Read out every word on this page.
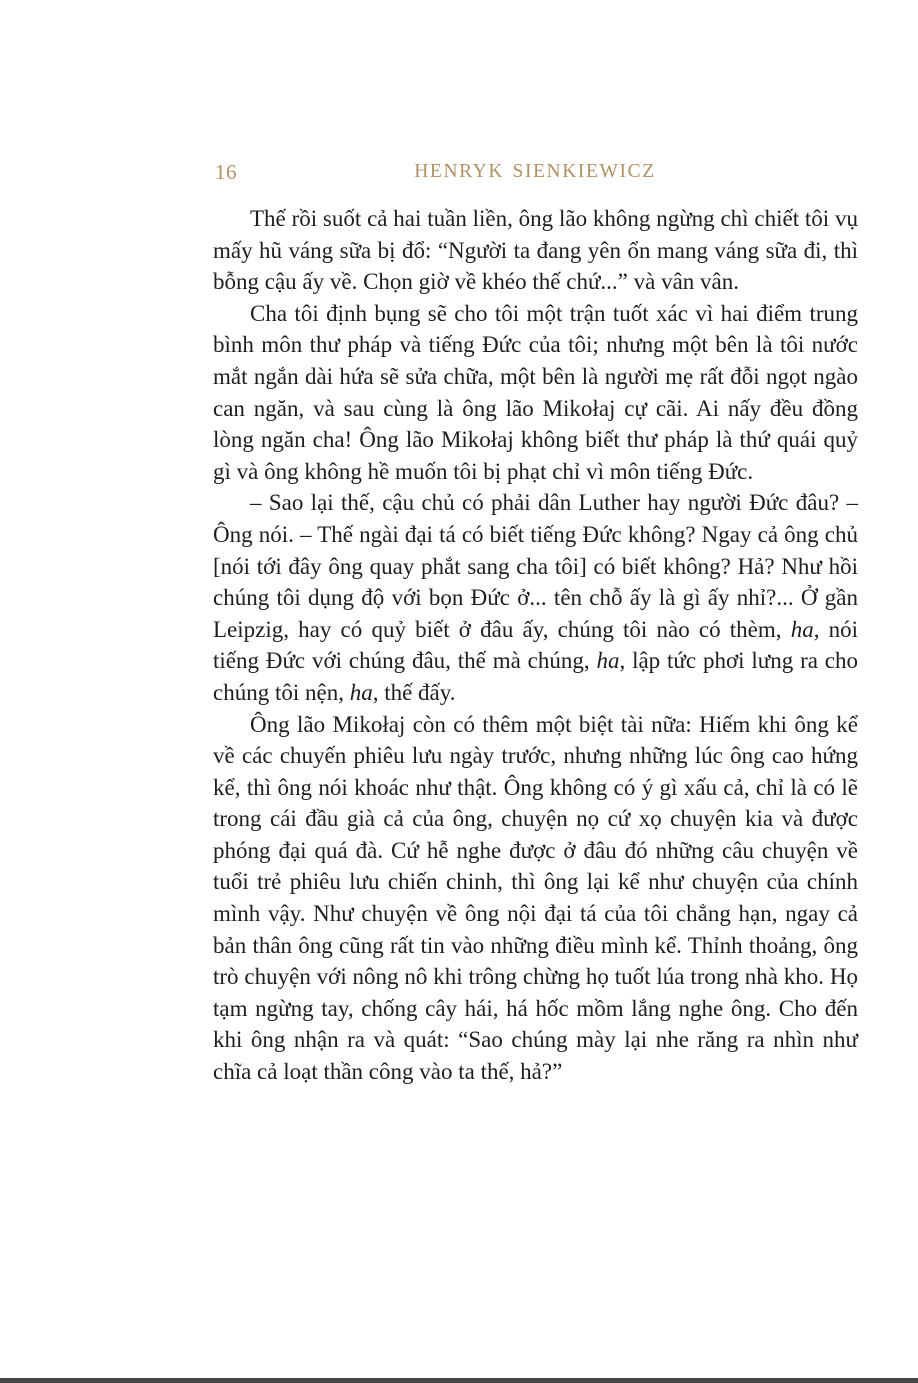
16	HENRYK SIENKIEWICZ

Thế rồi suốt cả hai tuần liền, ông lão không ngừng chì chiết tôi vụ mấy hũ váng sữa bị đổ: “Người ta đang yên ổn mang váng sữa đi, thì bỗng cậu ấy về. Chọn giờ về khéo thế chứ...” và vân vân.

Cha tôi định bụng sẽ cho tôi một trận tuốt xác vì hai điểm trung bình môn thư pháp và tiếng Đức của tôi; nhưng một bên là tôi nước mắt ngắn dài hứa sẽ sửa chữa, một bên là người mẹ rất đỗi ngọt ngào can ngăn, và sau cùng là ông lão Mikołaj cự cãi. Ai nấy đều đồng lòng ngăn cha! Ông lão Mikołaj không biết thư pháp là thứ quái quỷ gì và ông không hề muốn tôi bị phạt chỉ vì môn tiếng Đức.

– Sao lại thế, cậu chủ có phải dân Luther hay người Đức đâu? – Ông nói. – Thế ngài đại tá có biết tiếng Đức không? Ngay cả ông chủ [nói tới đây ông quay phắt sang cha tôi] có biết không? Hả? Như hồi chúng tôi dụng độ với bọn Đức ở... tên chỗ ấy là gì ấy nhỉ?... Ở gần Leipzig, hay có quỷ biết ở đâu ấy, chúng tôi nào có thèm, ha, nói tiếng Đức với chúng đâu, thế mà chúng, ha, lập tức phơi lưng ra cho chúng tôi nện, ha, thế đấy.

Ông lão Mikołaj còn có thêm một biệt tài nữa: Hiếm khi ông kể về các chuyến phiêu lưu ngày trước, nhưng những lúc ông cao hứng kể, thì ông nói khoác như thật. Ông không có ý gì xấu cả, chỉ là có lẽ trong cái đầu già cả của ông, chuyện nọ cứ xọ chuyện kia và được phóng đại quá đà. Cứ hễ nghe được ở đâu đó những câu chuyện về tuổi trẻ phiêu lưu chiến chinh, thì ông lại kể như chuyện của chính mình vậy. Như chuyện về ông nội đại tá của tôi chẳng hạn, ngay cả bản thân ông cũng rất tin vào những điều mình kể. Thỉnh thoảng, ông trò chuyện với nông nô khi trông chừng họ tuốt lúa trong nhà kho. Họ tạm ngừng tay, chống cây hái, há hốc mồm lắng nghe ông. Cho đến khi ông nhận ra và quát: “Sao chúng mày lại nhe răng ra nhìn như chĩa cả loạt thần công vào ta thế, hả?”
